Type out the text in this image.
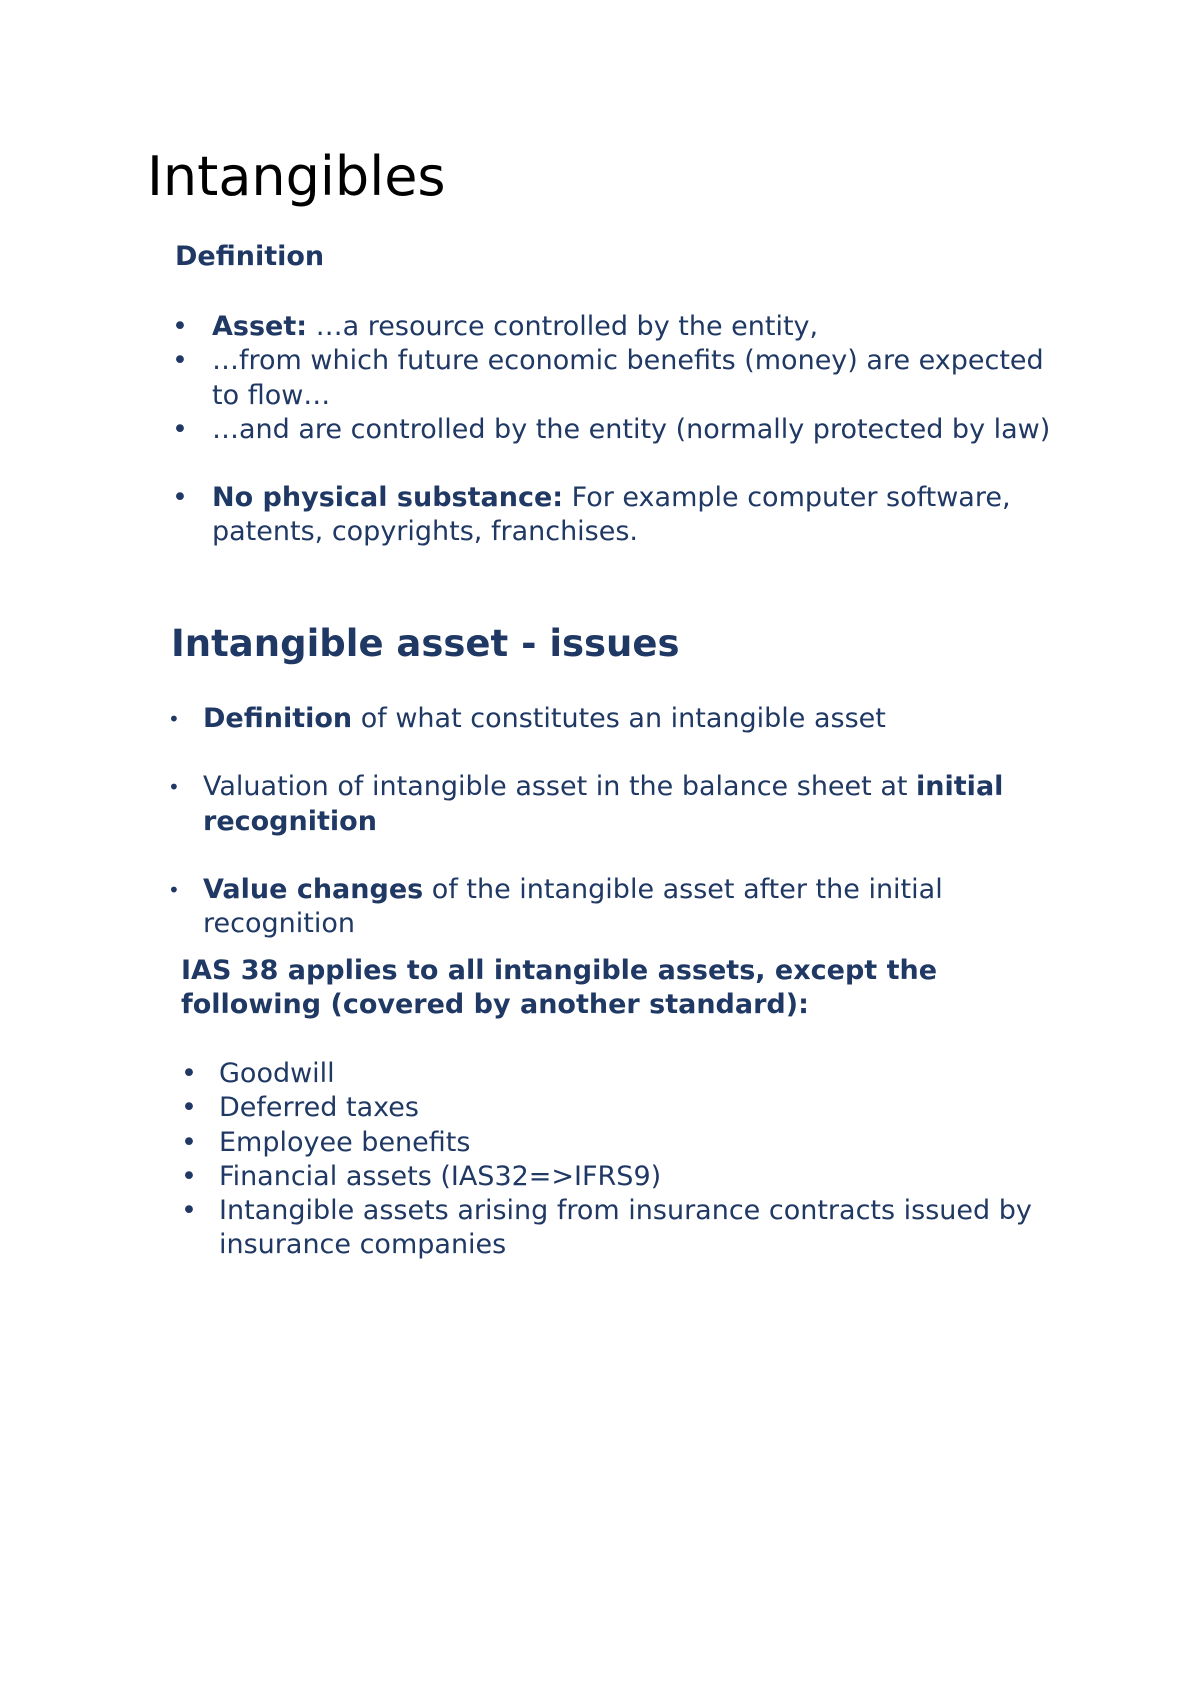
Intangibles
Definition
• Asset: …a resource controlled by the entity,
• …from which future economic benefits (money) are expected to flow…
• …and are controlled by the entity (normally protected by law)
• No physical substance: For example computer software, patents, copyrights, franchises.
Intangible asset - issues
• Definition of what constitutes an intangible asset
• Valuation of intangible asset in the balance sheet at initial recognition
• Value changes of the intangible asset after the initial recognition
IAS 38 applies to all intangible assets, except the following (covered by another standard):
• Goodwill
• Deferred taxes
• Employee benefits
• Financial assets (IAS32=>IFRS9)
• Intangible assets arising from insurance contracts issued by insurance companies
